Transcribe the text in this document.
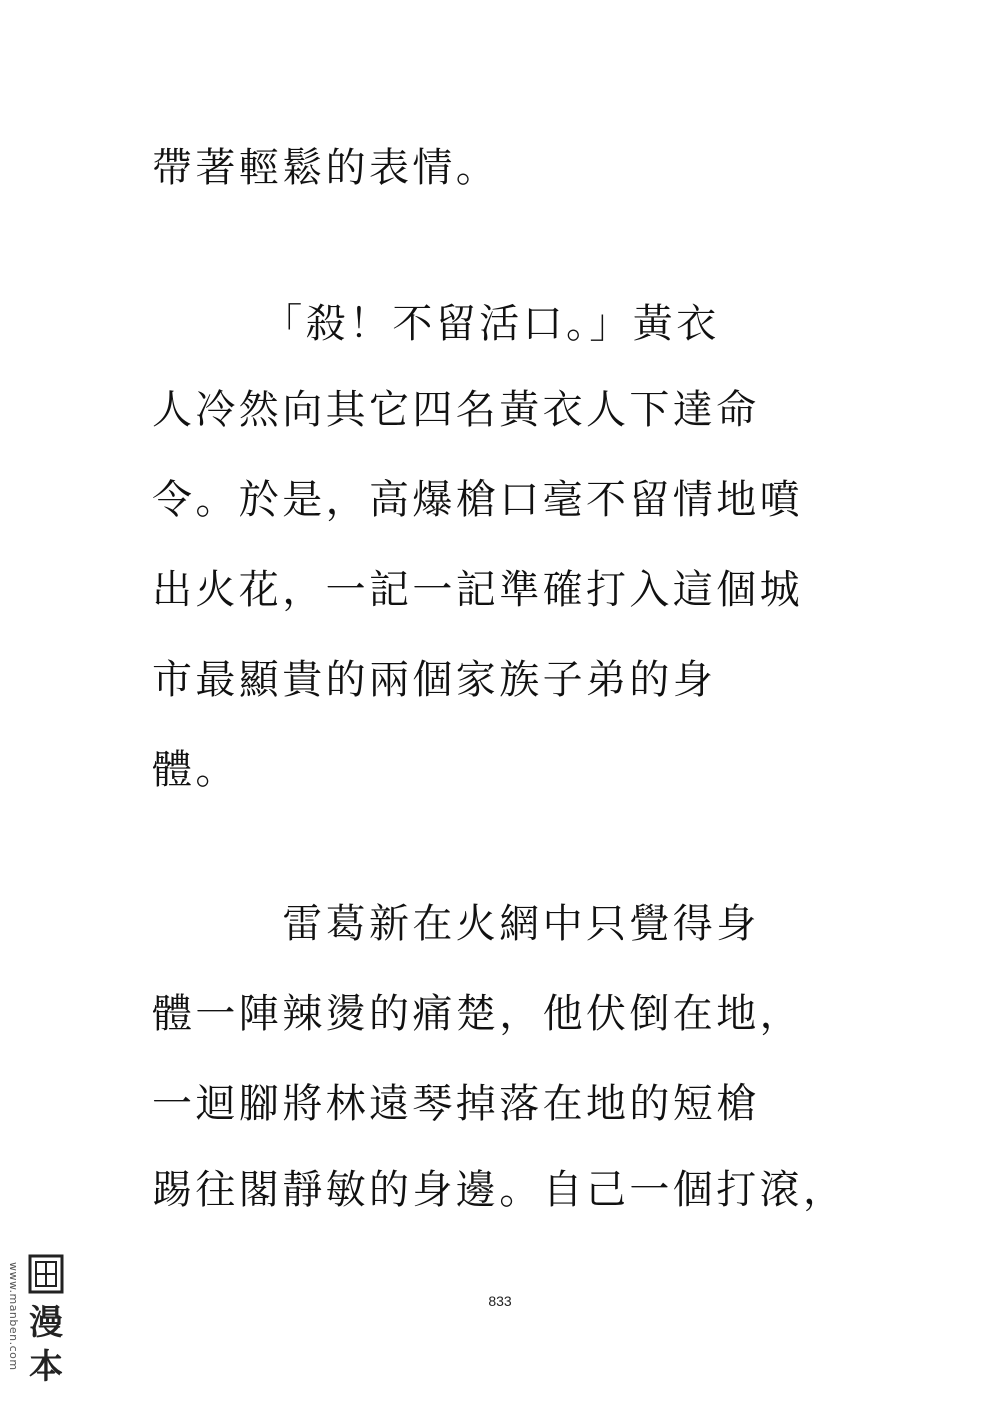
帶著輕鬆的表情。
　　　「殺！不留活口。」黃衣
人冷然向其它四名黃衣人下達命
令。於是，高爆槍口毫不留情地噴
出火花，一記一記準確打入這個城
市最顯貴的兩個家族子弟的身
體。
　　　雷葛新在火網中只覺得身
體一陣辣燙的痛楚，他伏倒在地，
一迴腳將林遠琴掉落在地的短槍
踢往閣靜敏的身邊。自己一個打滾，
833
www.manben.com 漫
本
